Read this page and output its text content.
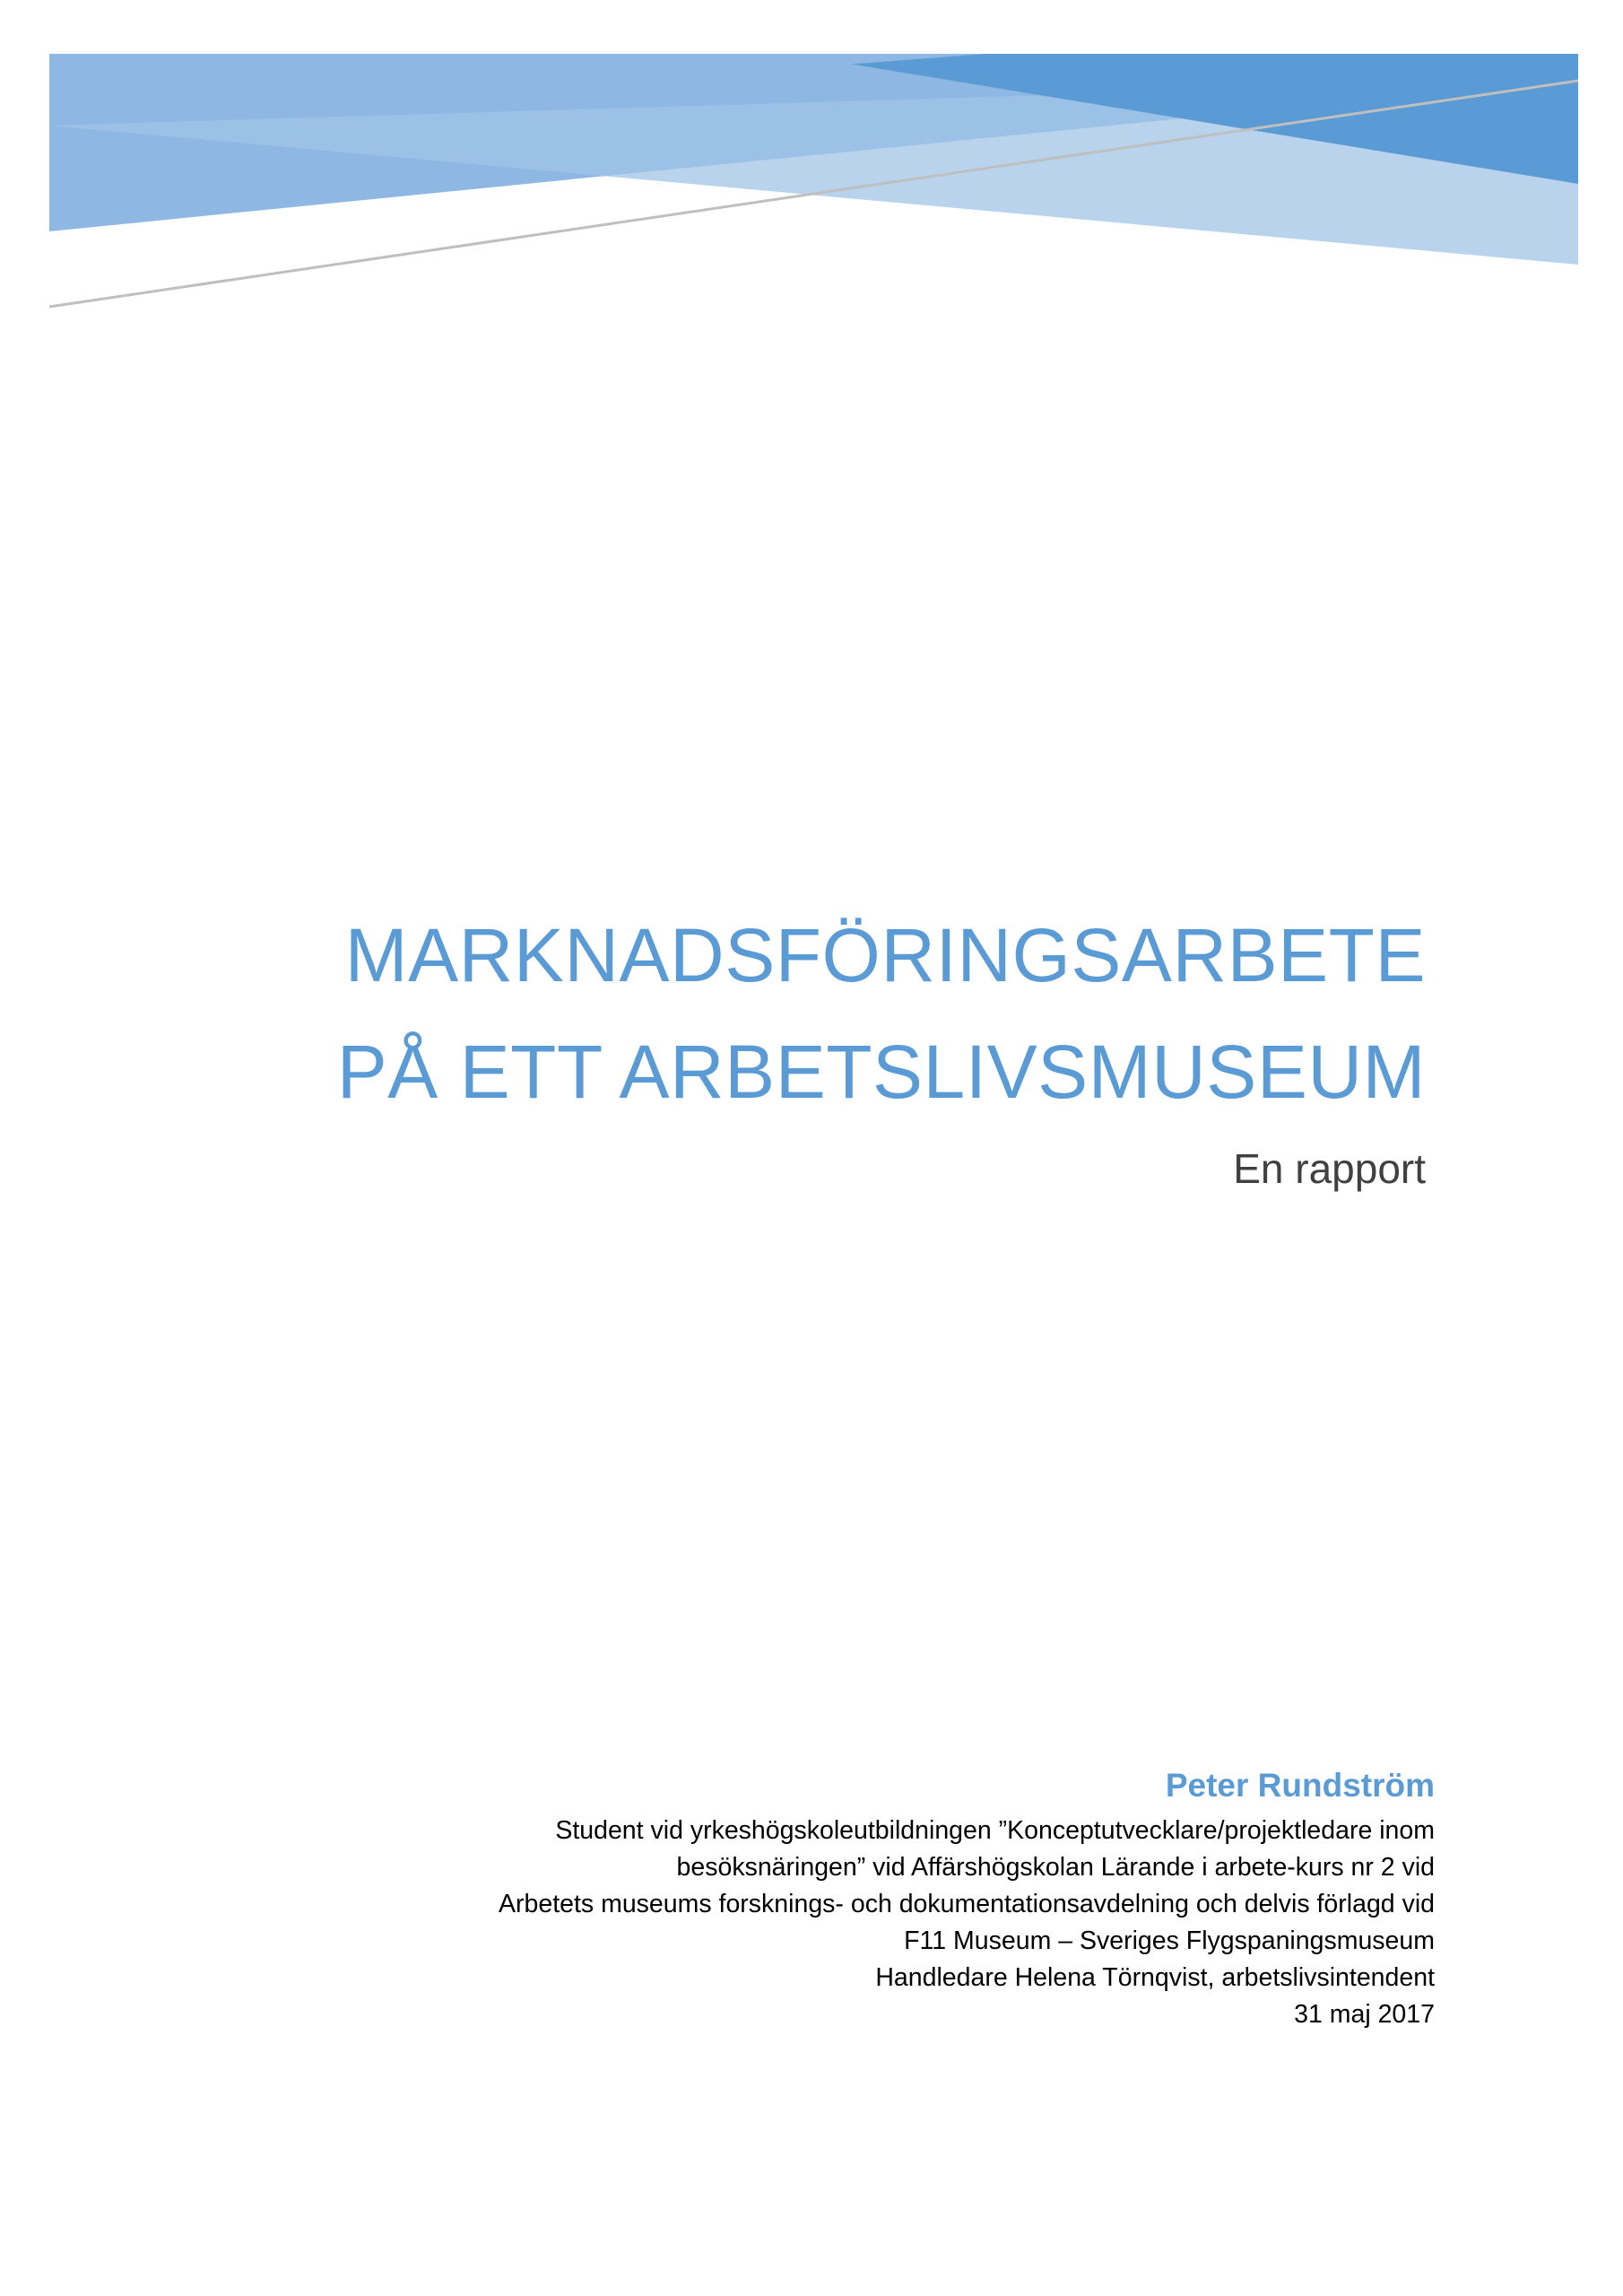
MARKNADSFÖRINGSARBETE
PÅ ETT ARBETSLIVSMUSEUM
En rapport
Peter Rundström
Student vid yrkeshögskoleutbildningen ”Konceptutvecklare/projektledare inom
besöksnäringen” vid Affärshögskolan Lärande i arbete-kurs nr 2 vid
Arbetets museums forsknings- och dokumentationsavdelning och delvis förlagd vid
F11 Museum – Sveriges Flygspaningsmuseum
Handledare Helena Törnqvist, arbetslivsintendent
31 maj 2017
